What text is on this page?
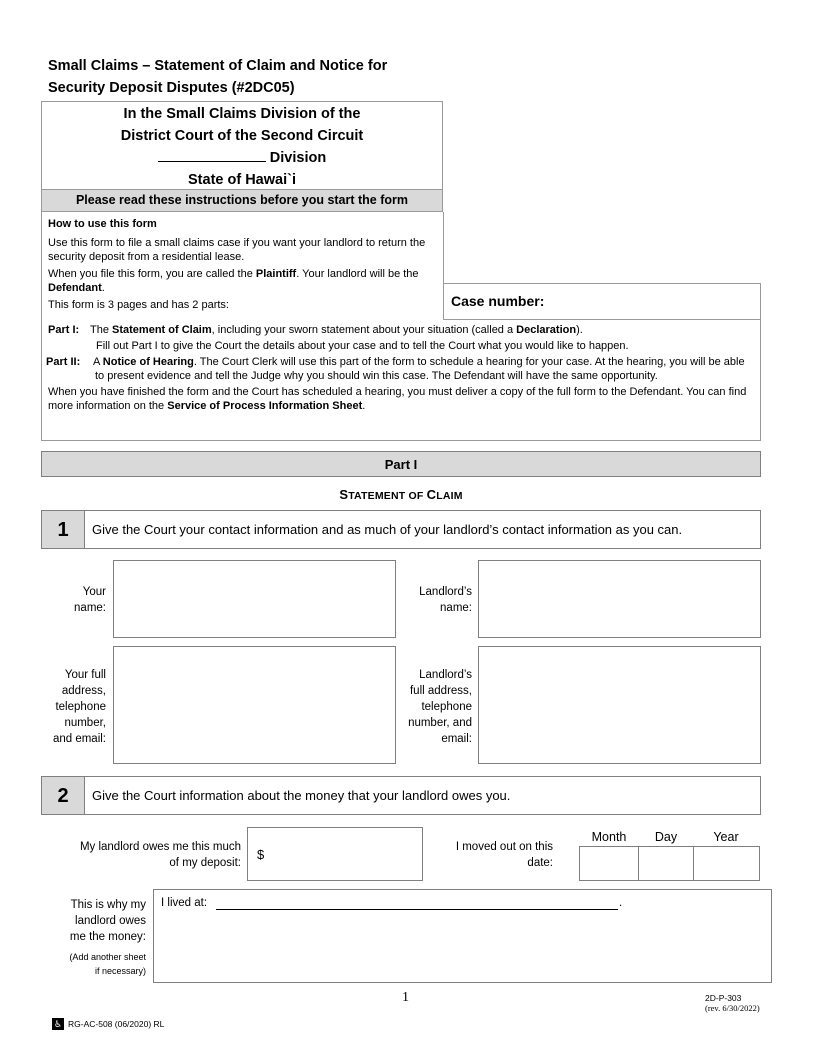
Small Claims – Statement of Claim and Notice for
Security Deposit Disputes (#2DC05)
In the Small Claims Division of the
District Court of the Second Circuit
Division
State of Hawai`i
Please read these instructions before you start the form

How to use this form

Use this form to file a small claims case if you want your landlord to return the security deposit from a residential lease.

When you file this form, you are called the Plaintiff. Your landlord will be the Defendant.

This form is 3 pages and has 2 parts:	Case number:

Part I: The Statement of Claim, including your sworn statement about your situation (called a Declaration).

Fill out Part I to give the Court the details about your case and to tell the Court what you would like to happen.

Part II: A Notice of Hearing. The Court Clerk will use this part of the form to schedule a hearing for your case. At the hearing, you will be able to present evidence and tell the Judge why you should win this case. The Defendant will have the same opportunity.

When you have finished the form and the Court has scheduled a hearing, you must deliver a copy of the full form to the Defendant. You can find more information on the Service of Process Information Sheet.

Part I
STATEMENT OF CLAIM
1	Give the Court your contact information and as much of your landlord’s contact information as you can.
Your
name:
Landlord’s
name:
Your full
address,
telephone
number,
and email:
Landlord’s
full address,
telephone
number, and
email:
2	Give the Court information about the money that your landlord owes you.
My landlord owes me this much
of my deposit:
$	I moved out on this
date:
Month	Day	Year
This is why my
landlord owes
me the money:
(Add another sheet
if necessary)
I lived at:	.
1	2D-P-303
(rev. 6/30/2022)
♿ RG-AC-508 (06/2020) RL
